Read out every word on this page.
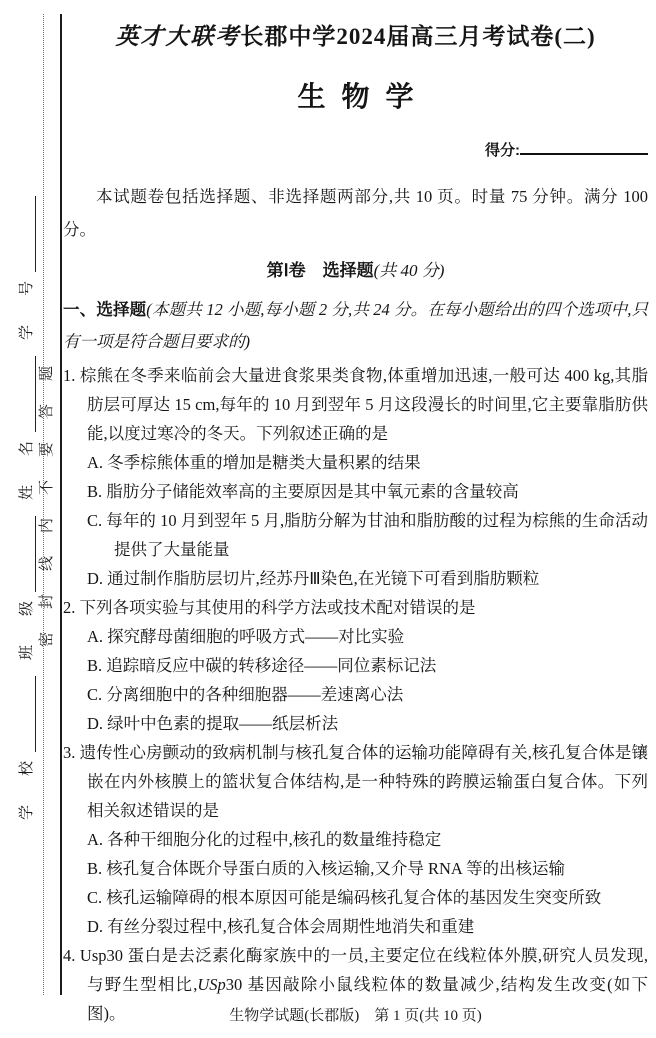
学　校
班　级
姓　名
学　号
密封线内不要答题
英才大联考长郡中学2024届高三月考试卷(二)
生物学
得分:
本试题卷包括选择题、非选择题两部分,共 10 页。时量 75 分钟。满分 100 分。
第Ⅰ卷　 选择题(共 40 分)
一、选择题(本题共 12 小题,每小题 2 分,共 24 分。在每小题给出的四个选项中,只有一项是符合题目要求的)
1. 棕熊在冬季来临前会大量进食浆果类食物,体重增加迅速,一般可达 400 kg,其脂肪层可厚达 15 cm,每年的 10 月到翌年 5 月这段漫长的时间里,它主要靠脂肪供能,以度过寒冷的冬天。下列叙述正确的是
A. 冬季棕熊体重的增加是糖类大量积累的结果
B. 脂肪分子储能效率高的主要原因是其中氧元素的含量较高
C. 每年的 10 月到翌年 5 月,脂肪分解为甘油和脂肪酸的过程为棕熊的生命活动提供了大量能量
D. 通过制作脂肪层切片,经苏丹Ⅲ染色,在光镜下可看到脂肪颗粒
2. 下列各项实验与其使用的科学方法或技术配对错误的是
A. 探究酵母菌细胞的呼吸方式——对比实验
B. 追踪暗反应中碳的转移途径——同位素标记法
C. 分离细胞中的各种细胞器——差速离心法
D. 绿叶中色素的提取——纸层析法
3. 遗传性心房颤动的致病机制与核孔复合体的运输功能障碍有关,核孔复合体是镶嵌在内外核膜上的篮状复合体结构,是一种特殊的跨膜运输蛋白复合体。下列相关叙述错误的是
A. 各种干细胞分化的过程中,核孔的数量维持稳定
B. 核孔复合体既介导蛋白质的入核运输,又介导 RNA 等的出核运输
C. 核孔运输障碍的根本原因可能是编码核孔复合体的基因发生突变所致
D. 有丝分裂过程中,核孔复合体会周期性地消失和重建
4. Usp30 蛋白是去泛素化酶家族中的一员,主要定位在线粒体外膜,研究人员发现,与野生型相比,USp30 基因敲除小鼠线粒体的数量减少,结构发生改变(如下图)。	生物学试题(长郡版)　第 1 页(共 10 页)
